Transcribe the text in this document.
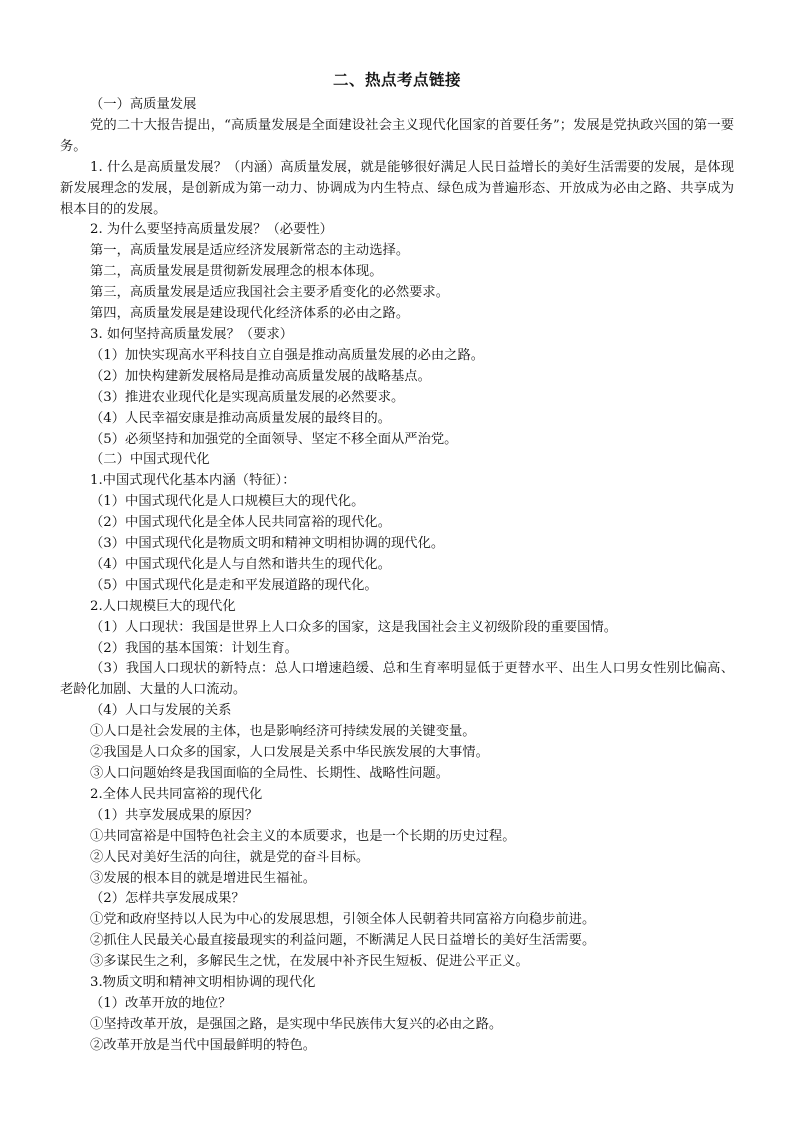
二、热点考点链接

（一）高质量发展

党的二十大报告提出，“高质量发展是全面建设社会主义现代化国家的首要任务”；发展是党执政兴国的第一要务。

1. 什么是高质量发展？（内涵）高质量发展，就是能够很好满足人民日益增长的美好生活需要的发展，是体现新发展理念的发展，是创新成为第一动力、协调成为内生特点、绿色成为普遍形态、开放成为必由之路、共享成为根本目的的发展。

2. 为什么要坚持高质量发展？（必要性）

第一，高质量发展是适应经济发展新常态的主动选择。

第二，高质量发展是贯彻新发展理念的根本体现。

第三，高质量发展是适应我国社会主要矛盾变化的必然要求。

第四，高质量发展是建设现代化经济体系的必由之路。

3. 如何坚持高质量发展？（要求）

（1）加快实现高水平科技自立自强是推动高质量发展的必由之路。

（2）加快构建新发展格局是推动高质量发展的战略基点。

（3）推进农业现代化是实现高质量发展的必然要求。

（4）人民幸福安康是推动高质量发展的最终目的。

（5）必须坚持和加强党的全面领导、坚定不移全面从严治党。

（二）中国式现代化

1.中国式现代化基本内涵（特征）：

（1）中国式现代化是人口规模巨大的现代化。

（2）中国式现代化是全体人民共同富裕的现代化。

（3）中国式现代化是物质文明和精神文明相协调的现代化。

（4）中国式现代化是人与自然和谐共生的现代化。

（5）中国式现代化是走和平发展道路的现代化。

2.人口规模巨大的现代化

（1）人口现状：我国是世界上人口众多的国家，这是我国社会主义初级阶段的重要国情。

（2）我国的基本国策：计划生育。

（3）我国人口现状的新特点：总人口增速趋缓、总和生育率明显低于更替水平、出生人口男女性别比偏高、老龄化加剧、大量的人口流动。

（4）人口与发展的关系

①人口是社会发展的主体，也是影响经济可持续发展的关键变量。

②我国是人口众多的国家，人口发展是关系中华民族发展的大事情。

③人口问题始终是我国面临的全局性、长期性、战略性问题。

2.全体人民共同富裕的现代化

（1）共享发展成果的原因？

①共同富裕是中国特色社会主义的本质要求，也是一个长期的历史过程。

②人民对美好生活的向往，就是党的奋斗目标。

③发展的根本目的就是增进民生福祉。

（2）怎样共享发展成果？

①党和政府坚持以人民为中心的发展思想，引领全体人民朝着共同富裕方向稳步前进。

②抓住人民最关心最直接最现实的利益问题，不断满足人民日益增长的美好生活需要。

③多谋民生之利，多解民生之忧，在发展中补齐民生短板、促进公平正义。

3.物质文明和精神文明相协调的现代化

（1）改革开放的地位？

①坚持改革开放，是强国之路，是实现中华民族伟大复兴的必由之路。

②改革开放是当代中国最鲜明的特色。
